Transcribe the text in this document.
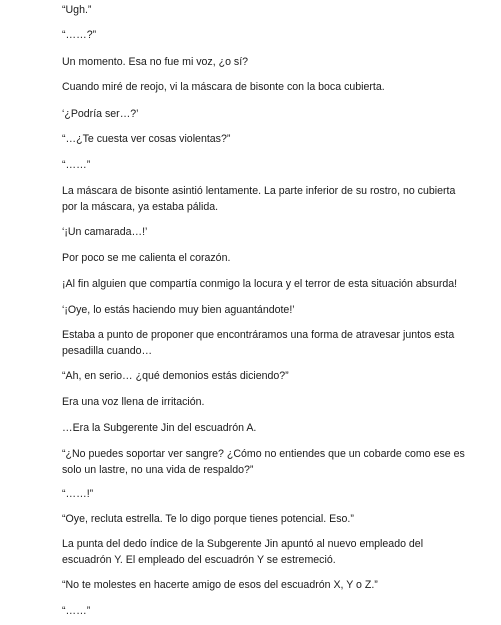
“Ugh.”

“……?”

Un momento. Esa no fue mi voz, ¿o sí?

Cuando miré de reojo, vi la máscara de bisonte con la boca cubierta.

‘¿Podría ser…?’

“…¿Te cuesta ver cosas violentas?”

“……”

La máscara de bisonte asintió lentamente. La parte inferior de su rostro, no cubierta por la máscara, ya estaba pálida.

‘¡Un camarada…!’

Por poco se me calienta el corazón.

¡Al fin alguien que compartía conmigo la locura y el terror de esta situación absurda!

‘¡Oye, lo estás haciendo muy bien aguantándote!’

Estaba a punto de proponer que encontráramos una forma de atravesar juntos esta pesadilla cuando…

“Ah, en serio… ¿qué demonios estás diciendo?”

Era una voz llena de irritación.

…Era la Subgerente Jin del escuadrón A.

“¿No puedes soportar ver sangre? ¿Cómo no entiendes que un cobarde como ese es solo un lastre, no una vida de respaldo?”

“……!”

“Oye, recluta estrella. Te lo digo porque tienes potencial. Eso.”

La punta del dedo índice de la Subgerente Jin apuntó al nuevo empleado del escuadrón Y. El empleado del escuadrón Y se estremeció.

“No te molestes en hacerte amigo de esos del escuadrón X, Y o Z.”

“……”
